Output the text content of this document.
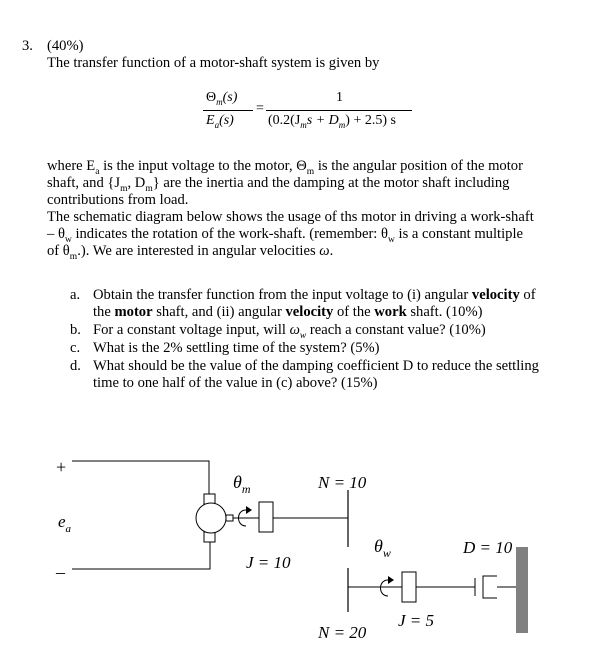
3. (40%)
The transfer function of a motor-shaft system is given by
$\Theta_m(s)$
$E_a(s)$
=
1
$(0.2(J_ms + D_m) + 2.5)$ s
where $E_a$ is the input voltage to the motor, $\Theta_m$ is the angular position of the motor
shaft, and {$J_m$, $D_m$} are the inertia and the damping at the motor shaft including
contributions from load.
The schematic diagram below shows the usage of ths motor in driving a work-shaft
– $\theta_w$ indicates the rotation of the work-shaft. (remember: $\theta_w$ is a constant multiple
of $\theta_m$.). We are interested in angular velocities ω.
a. Obtain the transfer function from the input voltage to (i) angular velocity of
the motor shaft, and (ii) angular velocity of the work shaft. (10%)
b. For a constant voltage input, will $\omega_w$ reach a constant value? (10%)
c. What is the 2% settling time of the system? (5%)
d. What should be the value of the damping coefficient D to reduce the settling
time to one half of the value in (c) above? (15%)
+
$e_a$
–
$\theta_m$
J = 10
N = 10
N = 20
$\theta_w$
J = 5
D = 10
